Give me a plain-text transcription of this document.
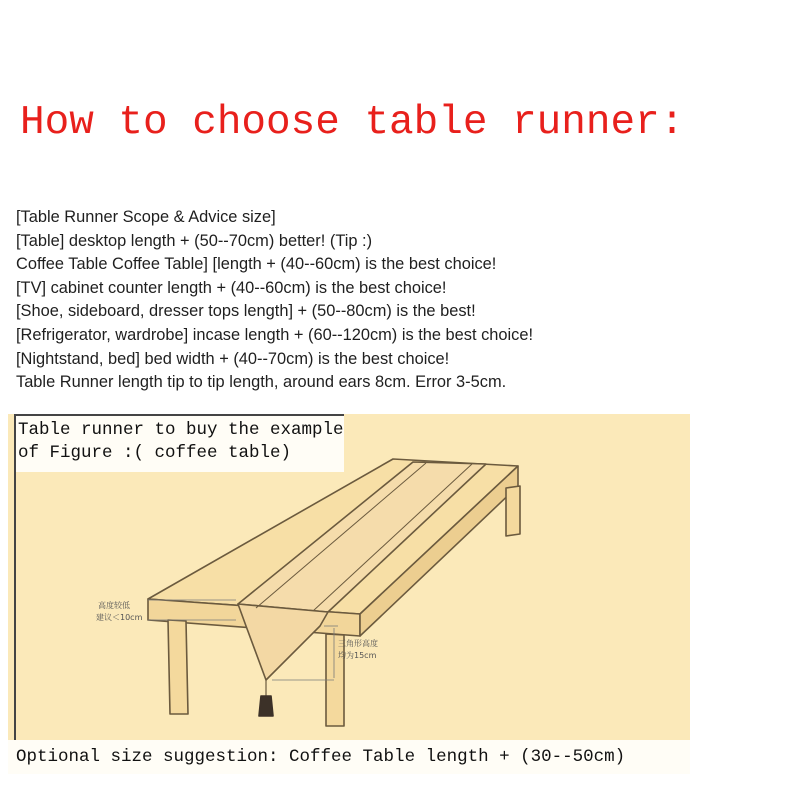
How to choose table runner:
[Table Runner Scope & Advice size]
[Table] desktop length + (50--70cm) better! (Tip :)
Coffee Table Coffee Table] [length + (40--60cm) is the best choice!
[TV] cabinet counter length + (40--60cm) is the best choice!
[Shoe, sideboard, dresser tops length] + (50--80cm) is the best!
[Refrigerator, wardrobe] incase length + (60--120cm) is the best choice!
[Nightstand, bed] bed width + (40--70cm) is the best choice!
Table Runner length tip to tip length, around ears 8cm. Error 3-5cm.
高度较低
建议＜10cm
三角形高度
均为15cm
Table runner to buy the example
of Figure :( coffee table)
Optional size suggestion: Coffee Table length + (30--50cm)
